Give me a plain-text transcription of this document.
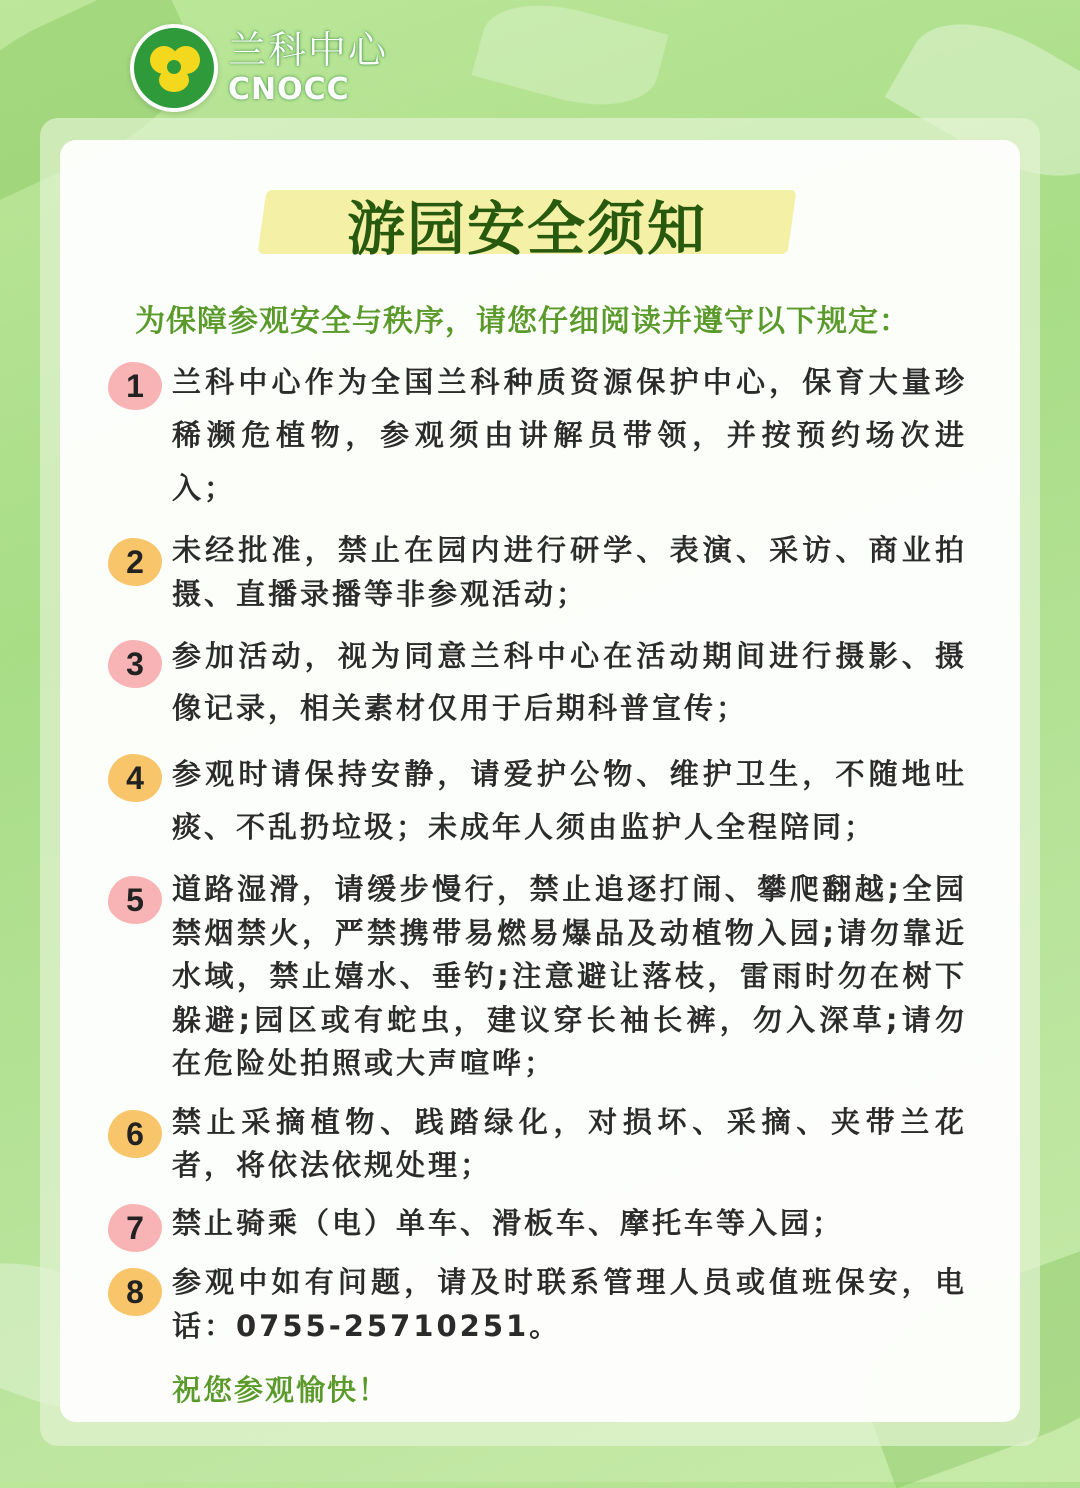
兰科中心
CNOCC
游园安全须知
为保障参观安全与秩序，请您仔细阅读并遵守以下规定：
1 兰科中心作为全国兰科种质资源保护中心，保育大量珍稀濒危植物，参观须由讲解员带领，并按预约场次进入；
2 未经批准，禁止在园内进行研学、表演、采访、商业拍摄、直播录播等非参观活动；
3 参加活动，视为同意兰科中心在活动期间进行摄影、摄像记录，相关素材仅用于后期科普宣传；
4 参观时请保持安静，请爱护公物、维护卫生，不随地吐痰、不乱扔垃圾；未成年人须由监护人全程陪同；
5 道路湿滑，请缓步慢行，禁止追逐打闹、攀爬翻越;全园禁烟禁火，严禁携带易燃易爆品及动植物入园;请勿靠近水域，禁止嬉水、垂钓;注意避让落枝，雷雨时勿在树下躲避;园区或有蛇虫，建议穿长袖长裤，勿入深草;请勿在危险处拍照或大声喧哗；
6 禁止采摘植物、践踏绿化，对损坏、采摘、夹带兰花者，将依法依规处理；
7 禁止骑乘（电）单车、滑板车、摩托车等入园；
8 参观中如有问题，请及时联系管理人员或值班保安，电话：0755-25710251。
祝您参观愉快！
